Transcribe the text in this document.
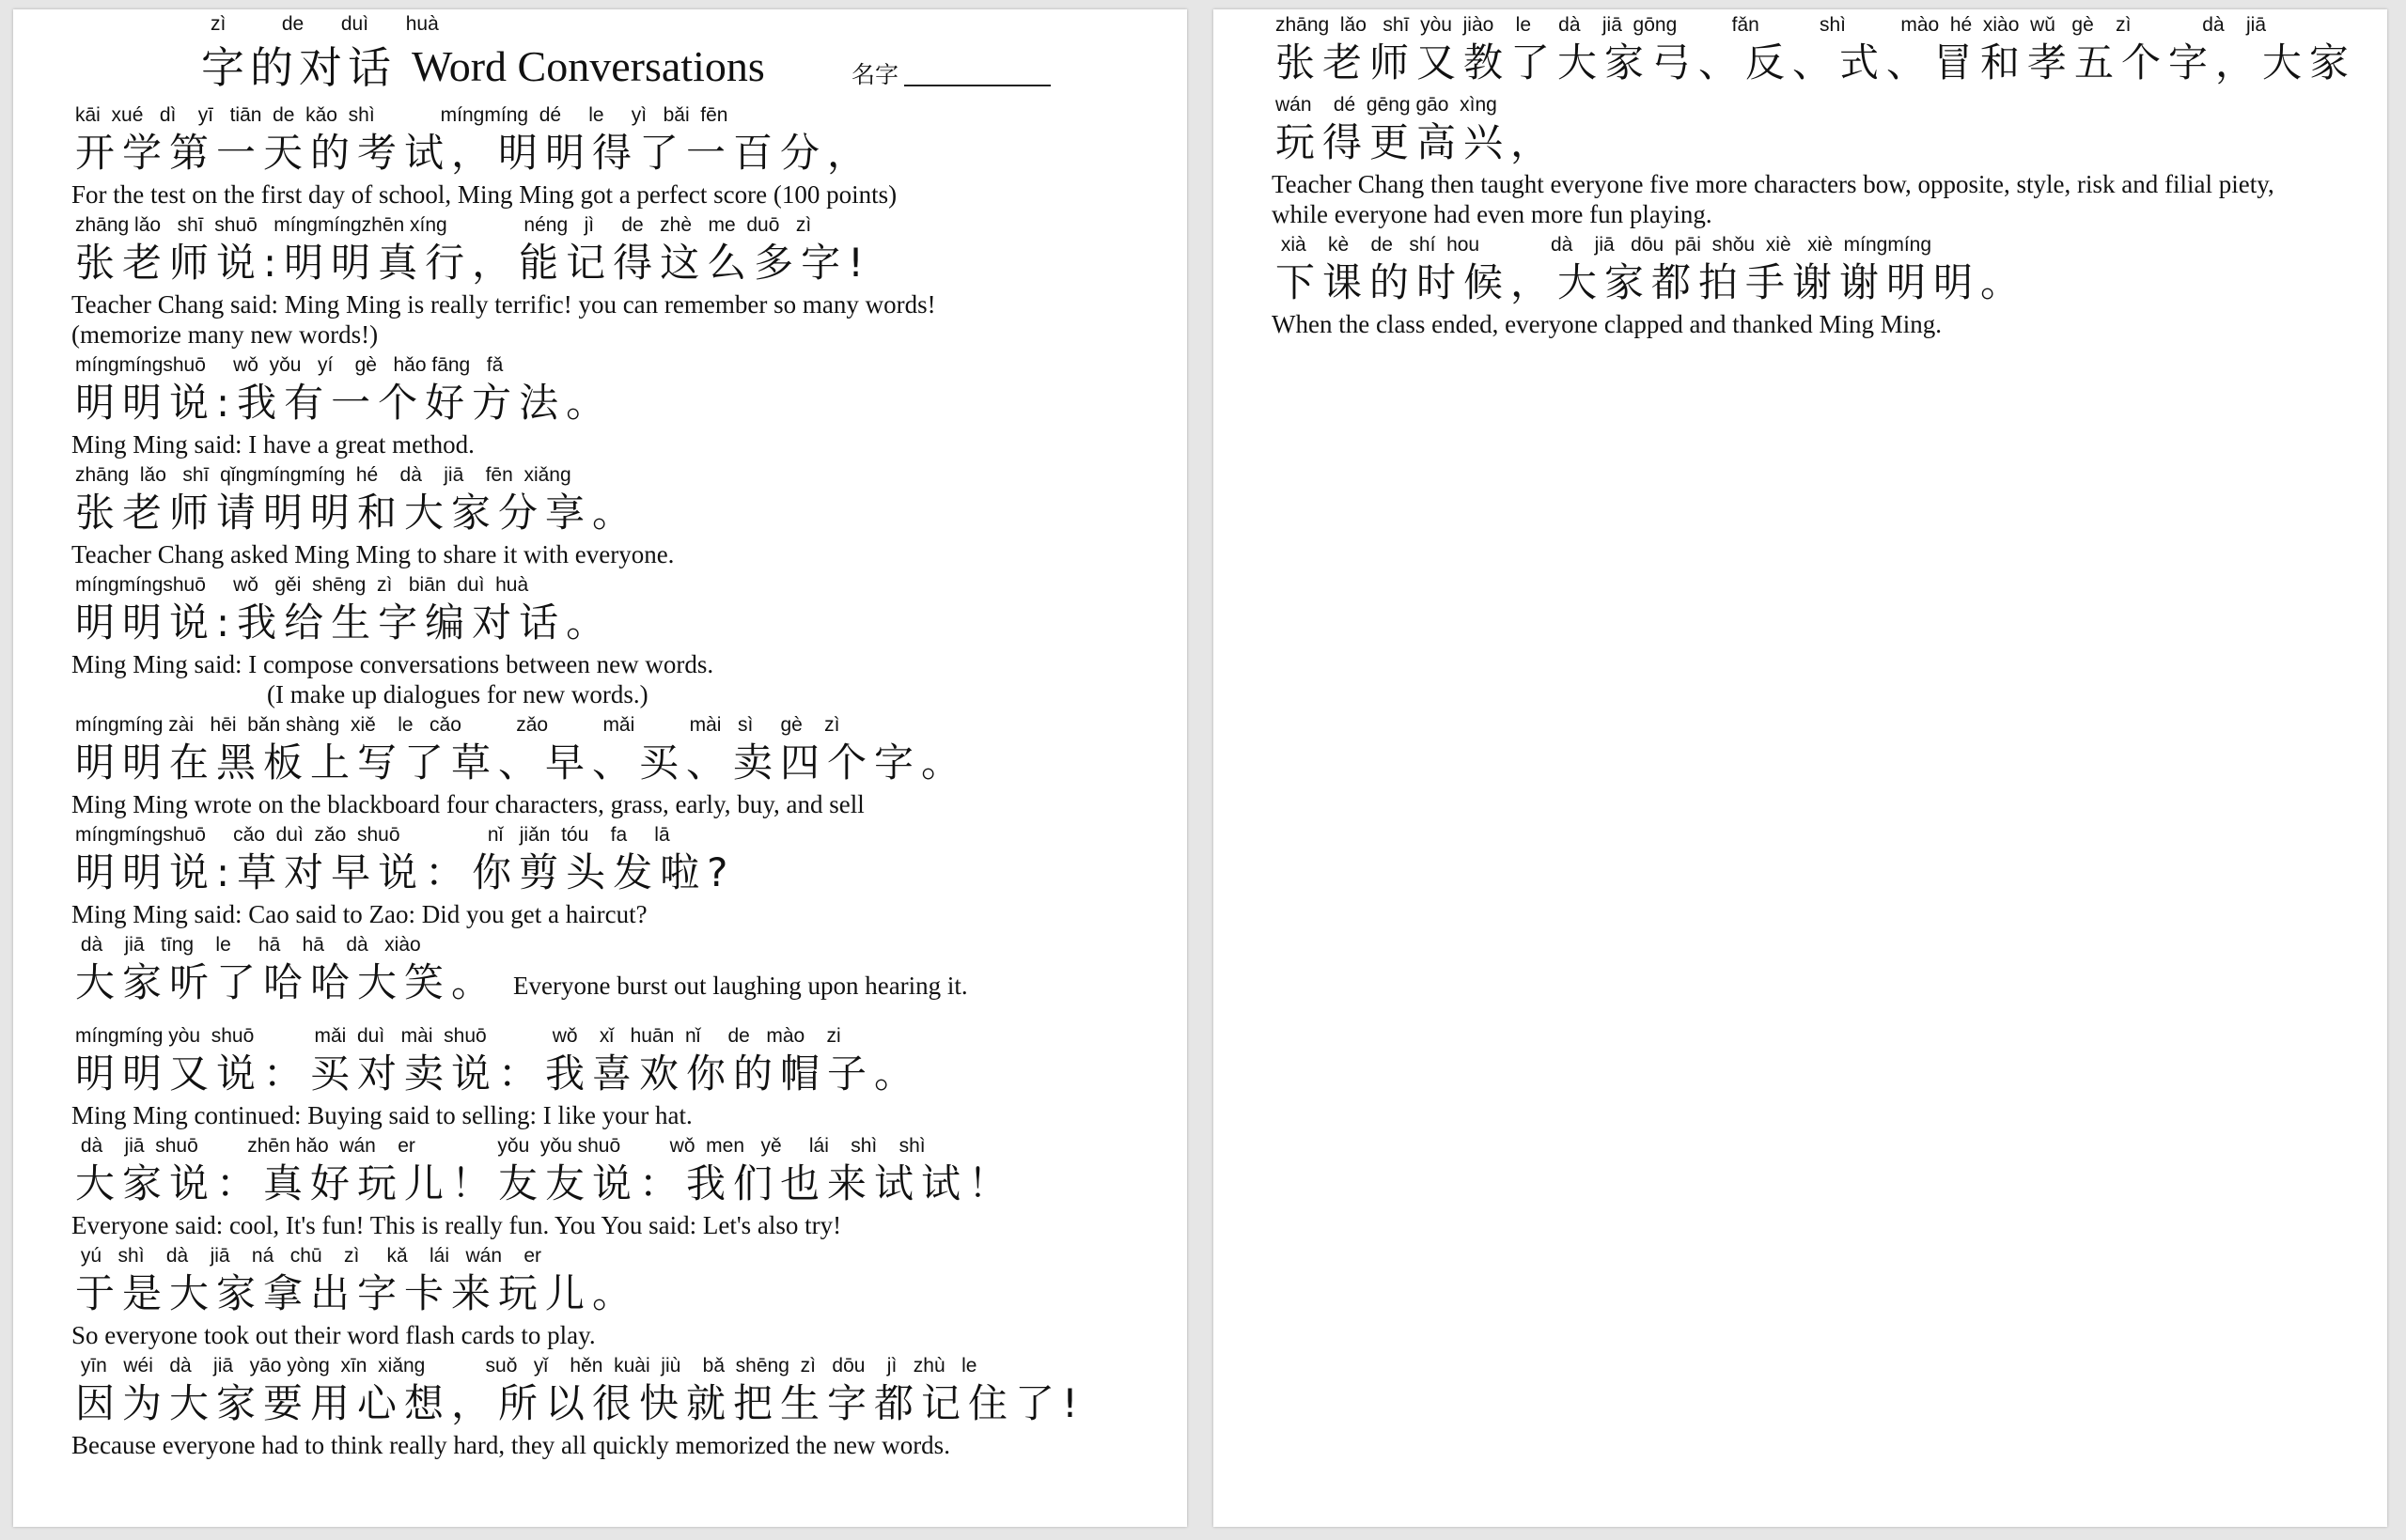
zì   de  duì  huà
字的对话 Word Conversations	名字
kāi  xué   dì    yī   tiān  de  kǎo  shì            míngmíng  dé     le     yì   bǎi  fēn
开学第一天的考试，明明得了一百分，
For the test on the first day of school, Ming Ming got a perfect score (100 points)
zhāng lǎo   shī  shuō   míngmíngzhēn xíng              néng   jì     de   zhè   me  duō   zì
张老师说:明明真行，能记得这么多字!
Teacher Chang said: Ming Ming is really terrific! you can remember so many words!
(memorize many new words!)
míngmíngshuō     wǒ  yǒu   yí    gè   hǎo fāng   fǎ
明明说:我有一个好方法。
Ming Ming said: I have a great method.
zhāng  lǎo   shī  qǐngmíngmíng  hé    dà    jiā    fēn  xiǎng
张老师请明明和大家分享。
Teacher Chang asked Ming Ming to share it with everyone.
míngmíngshuō     wǒ   gěi  shēng  zì   biān  duì  huà
明明说:我给生字编对话。
Ming Ming said: I compose conversations between new words.
(I make up dialogues for new words.)
míngmíng zài   hēi  bǎn shàng  xiě    le   cǎo          zǎo          mǎi          mài   sì     gè    zì
明明在黑板上写了草、早、买、卖四个字。
Ming Ming wrote on the blackboard four characters, grass, early, buy, and sell
míngmíngshuō     cǎo  duì  zǎo  shuō                nǐ   jiǎn  tóu    fa     lā
明明说:草对早说：你剪头发啦?
Ming Ming said: Cao said to Zao: Did you get a haircut?
dà    jiā   tīng    le     hā    hā    dà   xiào
大家听了哈哈大笑。 Everyone burst out laughing upon hearing it.
míngmíng yòu  shuō           mǎi  duì   mài  shuō            wǒ    xǐ   huān  nǐ     de   mào    zi
明明又说：买对卖说：我喜欢你的帽子。
Ming Ming continued: Buying said to selling: I like your hat.
dà    jiā  shuō         zhēn hǎo  wán    er               yǒu  yǒu shuō         wǒ  men   yě     lái    shì    shì
大家说：真好玩儿！友友说：我们也来试试！
Everyone said: cool, It's fun! This is really fun. You You said: Let's also try!
yú   shì    dà    jiā    ná   chū    zì     kǎ    lái   wán    er
于是大家拿出字卡来玩儿。
So everyone took out their word flash cards to play.
yīn   wéi   dà    jiā   yāo yòng  xīn  xiǎng           suǒ   yǐ    hěn  kuài  jiù    bǎ  shēng  zì   dōu    jì   zhù   le
因为大家要用心想，所以很快就把生字都记住了!
Because everyone had to think really hard, they all quickly memorized the new words.
zhāng  lǎo   shī  yòu  jiào    le     dà    jiā  gōng          fǎn           shì          mào  hé  xiào  wǔ   gè    zì             dà    jiā
张老师又教了大家弓、反、式、冒和孝五个字，大家
wán    dé  gēng gāo  xìng
玩得更高兴，
Teacher Chang then taught everyone five more characters bow, opposite, style, risk and filial piety,
while everyone had even more fun playing.
xià    kè    de   shí  hou             dà    jiā   dōu  pāi  shǒu  xiè   xiè  míngmíng
下课的时候，大家都拍手谢谢明明。
When the class ended, everyone clapped and thanked Ming Ming.
